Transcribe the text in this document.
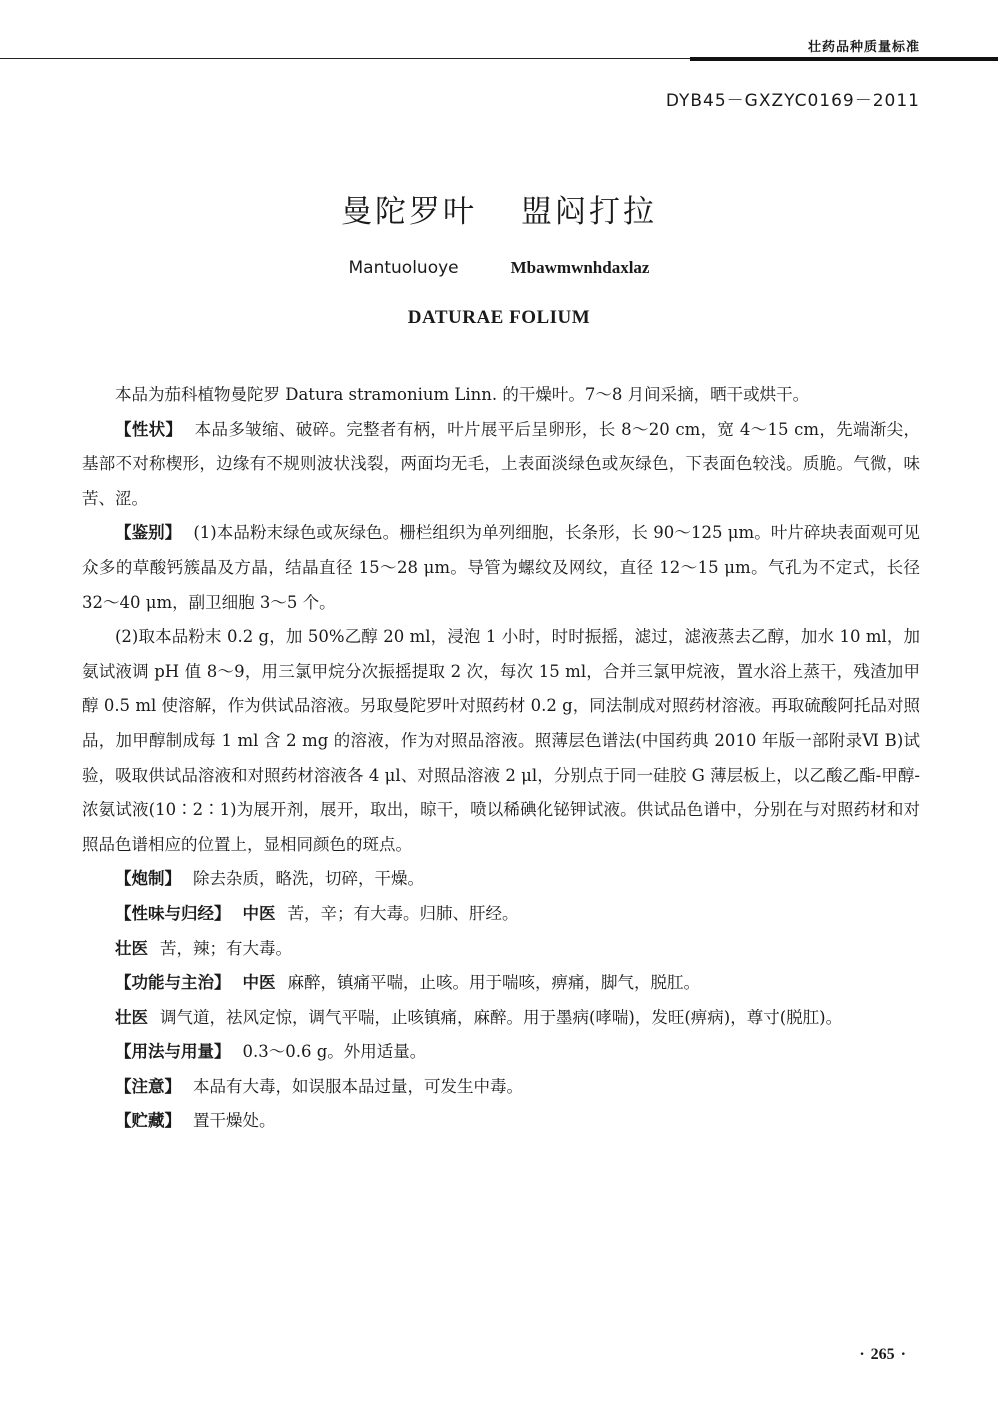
壮药品种质量标准
DYB45－GXZYC0169－2011
曼陀罗叶 盟闷打拉
Mantuoluoye	Mbawmwnhdaxlaz
DATURAE FOLIUM

本品为茄科植物曼陀罗 Datura stramonium Linn. 的干燥叶。7～8 月间采摘，晒干或烘干。

【性状】 本品多皱缩、破碎。完整者有柄，叶片展平后呈卵形，长 8～20 cm，宽 4～15 cm，先端渐尖，基部不对称楔形，边缘有不规则波状浅裂，两面均无毛，上表面淡绿色或灰绿色，下表面色较浅。质脆。气微，味苦、涩。

【鉴别】 (1)本品粉末绿色或灰绿色。栅栏组织为单列细胞，长条形，长 90～125 μm。叶片碎块表面观可见众多的草酸钙簇晶及方晶，结晶直径 15～28 μm。导管为螺纹及网纹，直径 12～15 μm。气孔为不定式，长径 32～40 μm，副卫细胞 3～5 个。

(2)取本品粉末 0.2 g，加 50%乙醇 20 ml，浸泡 1 小时，时时振摇，滤过，滤液蒸去乙醇，加水 10 ml，加氨试液调 pH 值 8～9，用三氯甲烷分次振摇提取 2 次，每次 15 ml，合并三氯甲烷液，置水浴上蒸干，残渣加甲醇 0.5 ml 使溶解，作为供试品溶液。另取曼陀罗叶对照药材 0.2 g，同法制成对照药材溶液。再取硫酸阿托品对照品，加甲醇制成每 1 ml 含 2 mg 的溶液，作为对照品溶液。照薄层色谱法(中国药典 2010 年版一部附录Ⅵ B)试验，吸取供试品溶液和对照药材溶液各 4 μl、对照品溶液 2 μl，分别点于同一硅胶 G 薄层板上，以乙酸乙酯-甲醇-浓氨试液(10∶2∶1)为展开剂，展开，取出，晾干，喷以稀碘化铋钾试液。供试品色谱中，分别在与对照药材和对照品色谱相应的位置上，显相同颜色的斑点。

【炮制】 除去杂质，略洗，切碎，干燥。

【性味与归经】 中医 苦，辛；有大毒。归肺、肝经。

壮医 苦，辣；有大毒。

【功能与主治】 中医 麻醉，镇痛平喘，止咳。用于喘咳，痹痛，脚气，脱肛。

壮医 调气道，祛风定惊，调气平喘，止咳镇痛，麻醉。用于墨病(哮喘)，发旺(痹病)，尊寸(脱肛)。

【用法与用量】 0.3～0.6 g。外用适量。

【注意】 本品有大毒，如误服本品过量，可发生中毒。

【贮藏】 置干燥处。

· 265 ·
